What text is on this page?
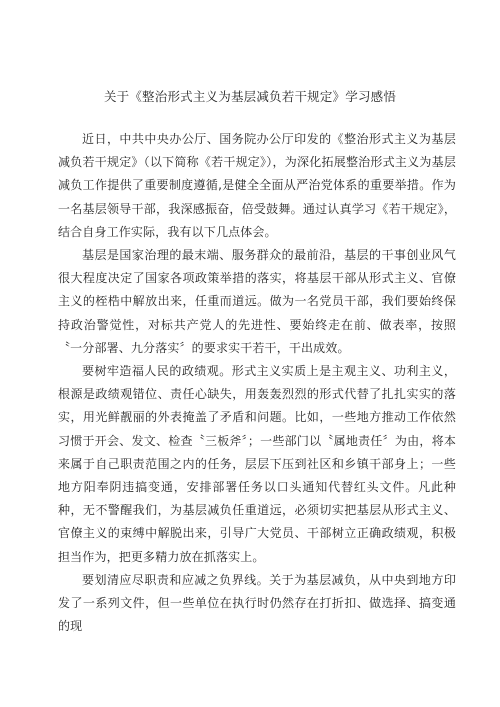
关于《整治形式主义为基层减负若干规定》学习感悟

近日，中共中央办公厅、国务院办公厅印发的《整治形式主义为基层减负若干规定》（以下简称《若干规定》），为深化拓展整治形式主义为基层减负工作提供了重要制度遵循,是健全全面从严治党体系的重要举措。作为一名基层领导干部，我深感振奋，倍受鼓舞。通过认真学习《若干规定》，结合自身工作实际，我有以下几点体会。

基层是国家治理的最末端、服务群众的最前沿，基层的干事创业风气很大程度决定了国家各项政策举措的落实，将基层干部从形式主义、官僚主义的桎梏中解放出来，任重而道远。做为一名党员干部，我们要始终保持政治警觉性，对标共产党人的先进性、要始终走在前、做表率，按照〝一分部署、九分落实〞的要求实干若干，干出成效。

要树牢造福人民的政绩观。形式主义实质上是主观主义、功利主义，根源是政绩观错位、责任心缺失，用轰轰烈烈的形式代替了扎扎实实的落实，用光鲜靓丽的外表掩盖了矛盾和问题。比如，一些地方推动工作依然习惯于开会、发文、检查〝三板斧〞；一些部门以〝属地责任〞为由，将本来属于自己职责范围之内的任务，层层下压到社区和乡镇干部身上；一些地方阳奉阴违搞变通，安排部署任务以口头通知代替红头文件。凡此种种，无不警醒我们，为基层减负任重道远，必须切实把基层从形式主义、官僚主义的束缚中解脱出来，引导广大党员、干部树立正确政绩观，积极担当作为，把更多精力放在抓落实上。

要划清应尽职责和应减之负界线。关于为基层减负，从中央到地方印发了一系列文件，但一些单位在执行时仍然存在打折扣、做选择、搞变通的现
